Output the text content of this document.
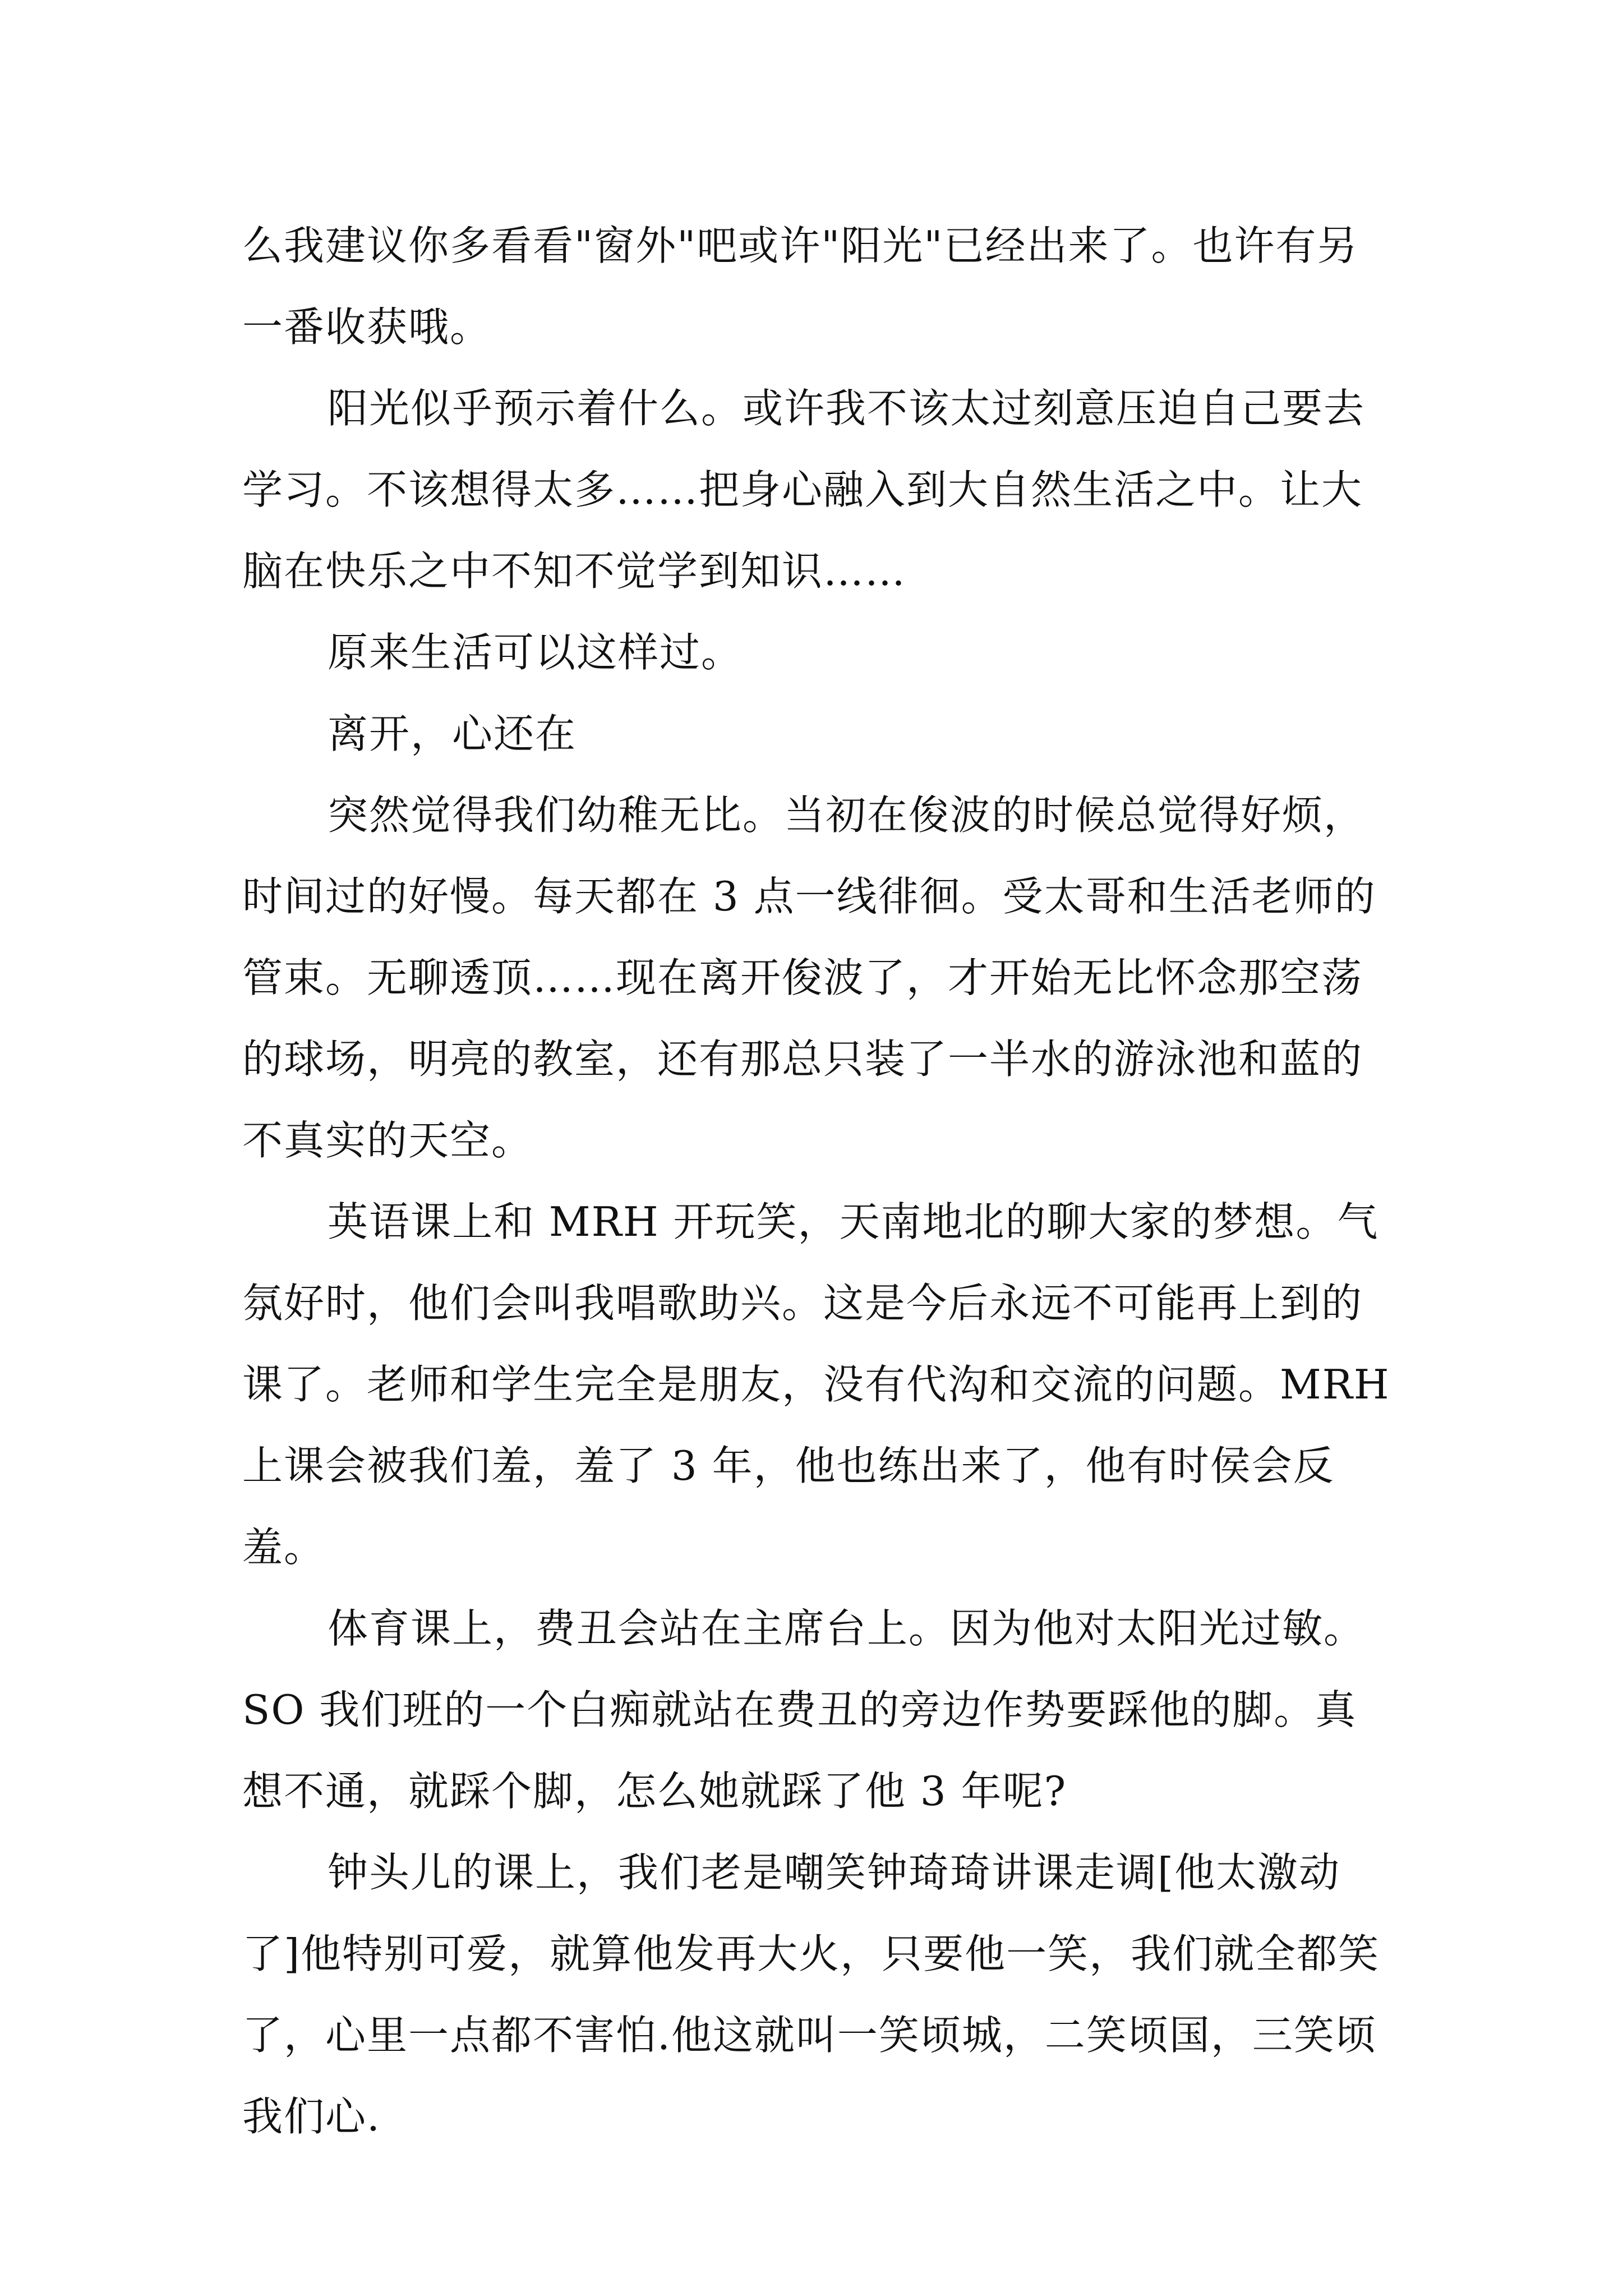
么我建议你多看看"窗外"吧或许"阳光"已经出来了。也许有另一番收获哦。

阳光似乎预示着什么。或许我不该太过刻意压迫自己要去学习。不该想得太多……把身心融入到大自然生活之中。让大脑在快乐之中不知不觉学到知识……

原来生活可以这样过。

离开，心还在

突然觉得我们幼稚无比。当初在俊波的时候总觉得好烦，时间过的好慢。每天都在 3 点一线徘徊。受太哥和生活老师的管束。无聊透顶……现在离开俊波了，才开始无比怀念那空荡的球场，明亮的教室，还有那总只装了一半水的游泳池和蓝的不真实的天空。

英语课上和 MRH 开玩笑，天南地北的聊大家的梦想。气氛好时，他们会叫我唱歌助兴。这是今后永远不可能再上到的课了。老师和学生完全是朋友，没有代沟和交流的问题。MRH 上课会被我们羞，羞了 3 年，他也练出来了，他有时侯会反羞。

体育课上，费丑会站在主席台上。因为他对太阳光过敏。SO 我们班的一个白痴就站在费丑的旁边作势要踩他的脚。真想不通，就踩个脚，怎么她就踩了他 3 年呢?

钟头儿的课上，我们老是嘲笑钟琦琦讲课走调[他太激动了]他特别可爱，就算他发再大火，只要他一笑，我们就全都笑了，心里一点都不害怕.他这就叫一笑顷城，二笑顷国，三笑顷我们心.
